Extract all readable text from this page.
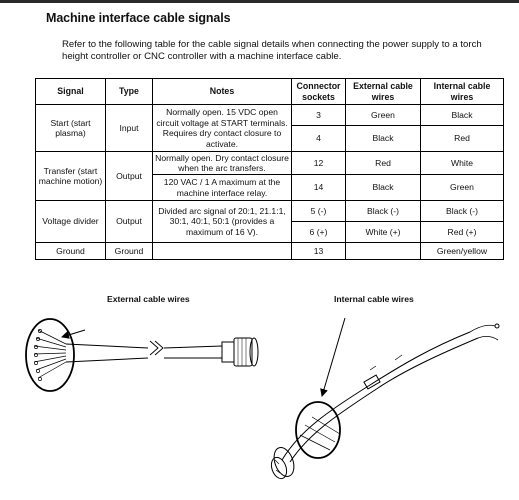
Machine interface cable signals
Refer to the following table for the cable signal details when connecting the power supply to a torch height controller or CNC controller with a machine interface cable.
Signal	Type	Notes	Connector sockets	External cable wires	Internal cable wires
Start (start plasma)	Input	Normally open. 15 VDC open circuit voltage at START terminals. Requires dry contact closure to activate.	3	Green	Black
			4	Black	Red
Transfer (start machine motion)	Output	Normally open. Dry contact closure when the arc transfers.	12	Red	White
		120 VAC / 1 A maximum at the machine interface relay.	14	Black	Green
Voltage divider	Output	Divided arc signal of 20:1, 21.1:1, 30:1, 40:1, 50:1 (provides a maximum of 16 V).	5 (-)	Black (-)	Black (-)
			6 (+)	White (+)	Red (+)
Ground	Ground		13		Green/yellow
External cable wires	Internal cable wires
